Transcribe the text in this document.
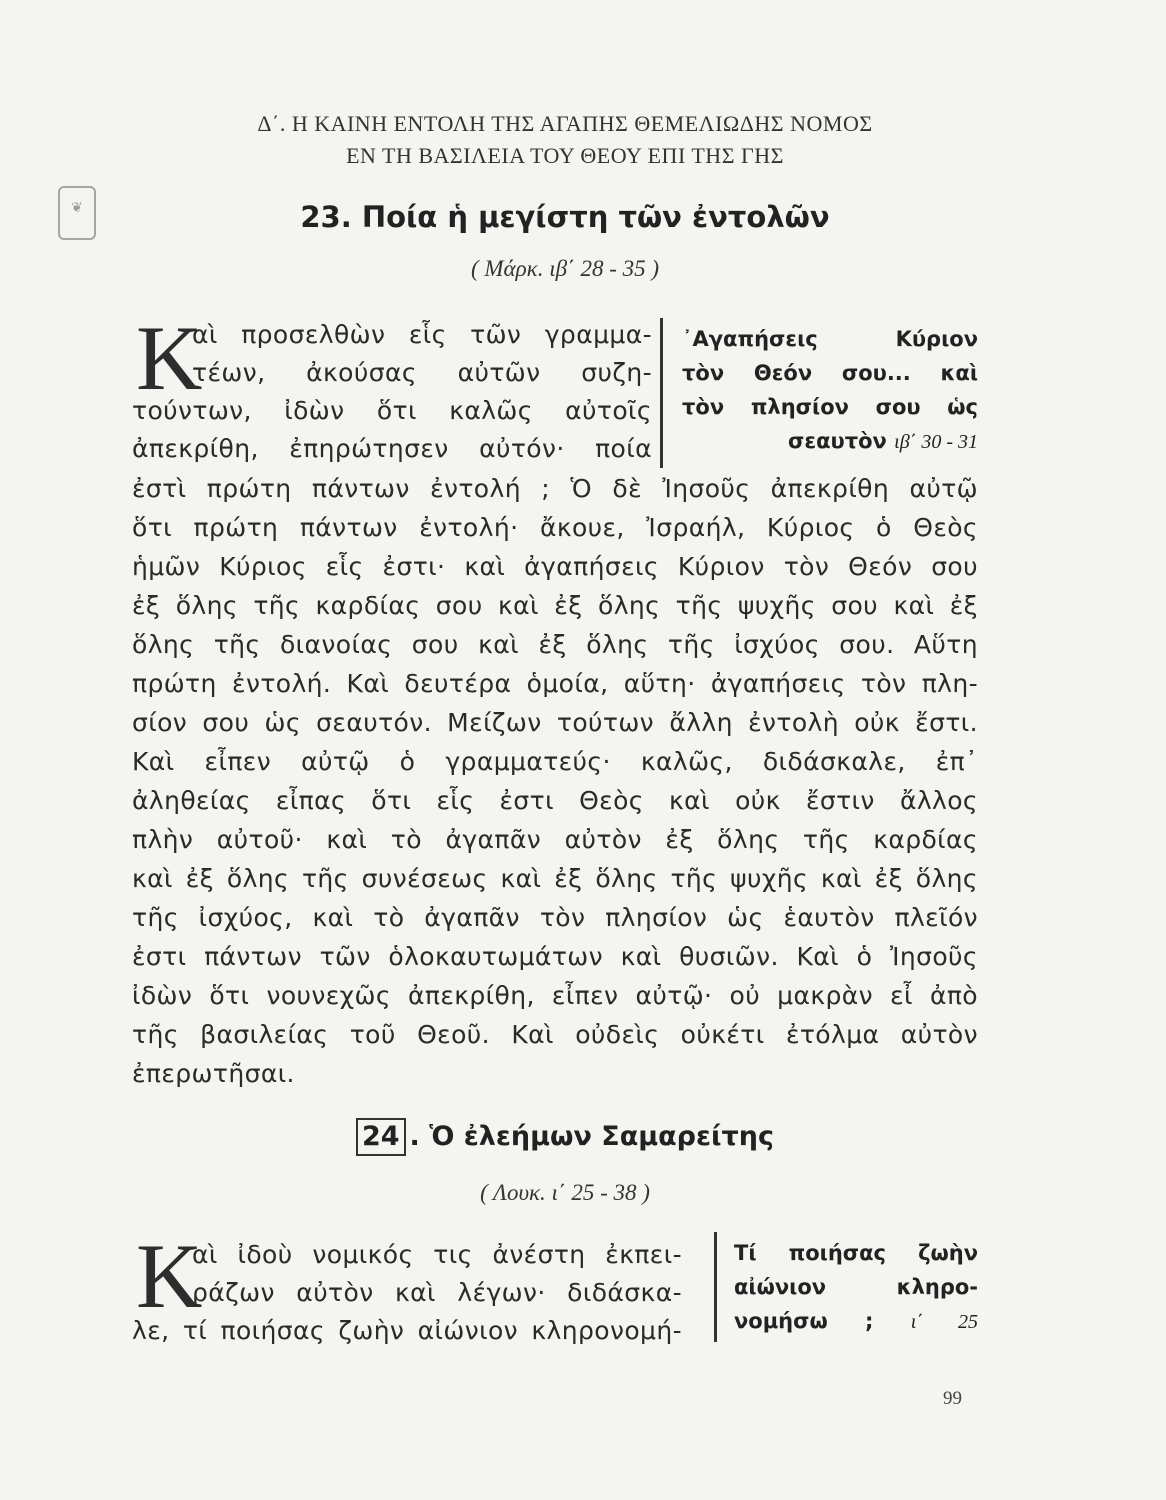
❦
Δ΄. Η ΚΑΙΝΗ ΕΝΤΟΛΗ ΤΗΣ ΑΓΑΠΗΣ ΘΕΜΕΛΙΩΔΗΣ ΝΟΜΟΣ
ΕΝ ΤΗ ΒΑΣΙΛΕΙΑ ΤΟΥ ΘΕΟΥ ΕΠΙ ΤΗΣ ΓΗΣ
23. Ποία ἡ μεγίστη τῶν ἐντολῶν
( Μάρκ. ιβ΄ 28 - 35 )
Κ
αὶ προσελθὼν εἷς τῶν γραμμα-
τέων, ἀκούσας αὐτῶν συζη-
τούντων, ἰδὼν ὅτι καλῶς αὐτοῖς
ἀπεκρίθη, ἐπηρώτησεν αὐτόν· ποία
᾿Αγαπήσεις Κύριον
τὸν Θεόν σου... καὶ
τὸν πλησίον σου ὡς
σεαυτὸν ιβ΄ 30 - 31
ἐστὶ πρώτη πάντων ἐντολή ; Ὁ δὲ Ἰησοῦς ἀπεκρίθη αὐτῷ
ὅτι πρώτη πάντων ἐντολή· ἄκουε, Ἰσραήλ, Κύριος ὁ Θεὸς
ἡμῶν Κύριος εἷς ἐστι· καὶ ἀγαπήσεις Κύριον τὸν Θεόν σου
ἐξ ὅλης τῆς καρδίας σου καὶ ἐξ ὅλης τῆς ψυχῆς σου καὶ ἐξ
ὅλης τῆς διανοίας σου καὶ ἐξ ὅλης τῆς ἰσχύος σου. Αὕτη
πρώτη ἐντολή. Καὶ δευτέρα ὁμοία, αὕτη· ἀγαπήσεις τὸν πλη-
σίον σου ὡς σεαυτόν. Μείζων τούτων ἄλλη ἐντολὴ οὐκ ἔστι.
Καὶ εἶπεν αὐτῷ ὁ γραμματεύς· καλῶς, διδάσκαλε, ἐπ᾿
ἀληθείας εἶπας ὅτι εἷς ἐστι Θεὸς καὶ οὐκ ἔστιν ἄλλος
πλὴν αὐτοῦ· καὶ τὸ ἀγαπᾶν αὐτὸν ἐξ ὅλης τῆς καρδίας
καὶ ἐξ ὅλης τῆς συνέσεως καὶ ἐξ ὅλης τῆς ψυχῆς καὶ ἐξ ὅλης
τῆς ἰσχύος, καὶ τὸ ἀγαπᾶν τὸν πλησίον ὡς ἑαυτὸν πλεῖόν
ἐστι πάντων τῶν ὁλοκαυτωμάτων καὶ θυσιῶν. Καὶ ὁ Ἰησοῦς
ἰδὼν ὅτι νουνεχῶς ἀπεκρίθη, εἶπεν αὐτῷ· οὐ μακρὰν εἶ ἀπὸ
τῆς βασιλείας τοῦ Θεοῦ. Καὶ οὐδεὶς οὐκέτι ἐτόλμα αὐτὸν
ἐπερωτῆσαι.
24 . Ὁ ἐλεήμων Σαμαρείτης
( Λουκ. ι΄ 25 - 38 )
Κ
αὶ ἰδοὺ νομικός τις ἀνέστη ἐκπει-
ράζων αὐτὸν καὶ λέγων· διδάσκα-
λε, τί ποιήσας ζωὴν αἰώνιον κληρονομή-
Τί ποιήσας ζωὴν
αἰώνιον κληρο-
νομήσω ; ι΄ 25
99
